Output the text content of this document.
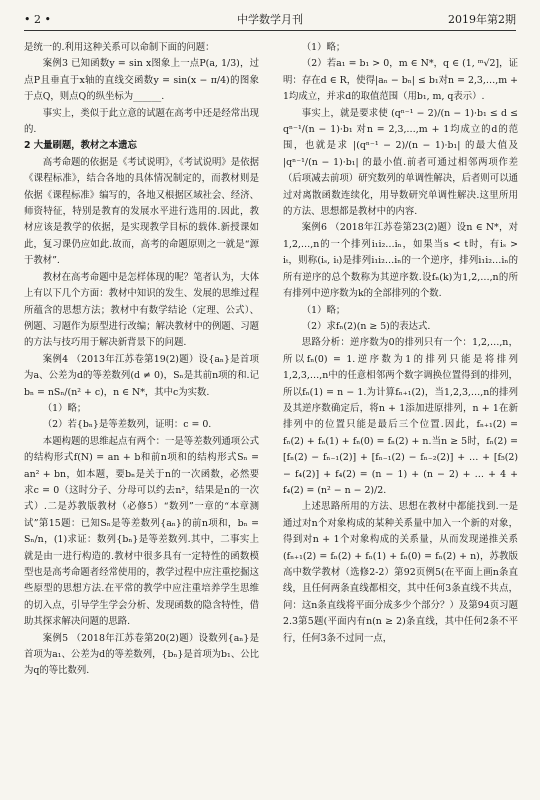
• 2 •	中学数学月刊	2019年第2期

是统一的.利用这种关系可以命制下面的问题：

案例3 已知函数y = sin x图象上一点P(a, 1/3)，过点P且垂直于x轴的直线交函数y = sin(x − π/4)的图象于点Q，则点Q的纵坐标为______.

事实上，类似于此立意的试题在高考中还是经常出现的.

2 大量刷题，教材之本遗忘

高考命题的依据是《考试说明》，《考试说明》是依据《课程标准》，结合各地的具体情况制定的，而教材则是依据《课程标准》编写的，各地又根据区域社会、经济、师资特征，特别是教育的发展水平进行选用的.因此，教材应该是教学的依据，是实现教学目标的载体.新授课如此，复习课仍应如此.故而，高考的命题原则之一就是“源于教材”.

教材在高考命题中是怎样体现的呢？笔者认为，大体上有以下几个方面：教材中知识的发生、发展的思维过程所蕴含的思想方法；教材中有数学结论（定理、公式）、例题、习题作为原型进行改编；解决教材中的例题、习题的方法与技巧用于解决新背景下的问题.

案例4 （2013年江苏卷第19(2)题）设{aₙ}是首项为a、公差为d的等差数列(d ≠ 0)，Sₙ是其前n项的和.记bₙ = nSₙ/(n² + c)，n ∈ N*，其中c为实数.

（1）略；

（2）若{bₙ}是等差数列，证明：c = 0.

本题构题的思维起点有两个：一是等差数列通项公式的结构形式f(N) = an + b和前n项和的结构形式Sₙ = an² + bn，如本题，要bₙ是关于n的一次函数，必然要求c = 0（这时分子、分母可以约去n²，结果是n的一次式）.二是苏教版教材（必修5）“数列”一章的“本章测试”第15题：已知Sₙ是等差数列{aₙ}的前n项和，bₙ = Sₙ/n，(1)求证：数列{bₙ}是等差数列.其中，二事实上就是由一进行构造的.教材中很多具有一定特性的函数模型也是高考命题者经常使用的，教学过程中应注重挖掘这些原型的思想方法.在平常的教学中应注重培养学生思维的切入点，引导学生学会分析、发现函数的隐含特性，借助其探求解决问题的思路.

案例5 （2018年江苏卷第20(2)题）设数列{aₙ}是首项为a₁、公差为d的等差数列，{bₙ}是首项为b₁、公比为q的等比数列.

（1）略；

（2）若a₁ = b₁ > 0，m ∈ N*，q ∈ (1, ᵐ√2]，证明：存在d ∈ R，使得|aₙ − bₙ| ≤ b₁对n = 2,3,…,m + 1均成立，并求d的取值范围（用b₁, m, q表示）.

事实上，就是要求使 (qⁿ⁻¹ − 2)/(n − 1)·b₁ ≤ d ≤ qⁿ⁻¹/(n − 1)·b₁ 对n = 2,3,…,m + 1均成立的d的范围，也就是求 |(qⁿ⁻¹ − 2)/(n − 1)·b₁| 的最大值及 |qⁿ⁻¹/(n − 1)·b₁| 的最小值.前者可通过相邻两项作差（后项减去前项）研究数列的单调性解决，后者则可以通过对离散函数连续化，用导数研究单调性解决.这里所用的方法、思想都是教材中的内容.

案例6 （2018年江苏卷第23(2)题）设n ∈ N*，对1,2,…,n的一个排列i₁i₂…iₙ，如果当s < t时，有iₛ > iₜ，则称(iₛ, iₜ)是排列i₁i₂…iₙ的一个逆序，排列i₁i₂…iₙ的所有逆序的总个数称为其逆序数.设fₙ(k)为1,2,…,n的所有排列中逆序数为k的全部排列的个数.

（1）略；

（2）求fₙ(2)(n ≥ 5)的表达式.

思路分析：逆序数为0的排列只有一个：1,2,…,n，所以fₙ(0) = 1.逆序数为1的排列只能是将排列1,2,3,…,n中的任意相邻两个数字调换位置得到的排列，所以fₙ(1) = n − 1.为计算fₙ₊₁(2)，当1,2,3,…,n的排列及其逆序数确定后，将n + 1添加进原排列，n + 1在新排列中的位置只能是最后三个位置.因此，fₙ₊₁(2) = fₙ(2) + fₙ(1) + fₙ(0) = fₙ(2) + n.当n ≥ 5时，fₙ(2) = [fₙ(2) − fₙ₋₁(2)] + [fₙ₋₁(2) − fₙ₋₂(2)] + … + [f₅(2) − f₄(2)] + f₄(2) = (n − 1) + (n − 2) + … + 4 + f₄(2) = (n² − n − 2)/2.

上述思路所用的方法、思想在教材中都能找到.一是通过对n个对象构成的某种关系量中加入一个新的对象，得到对n + 1个对象构成的关系量，从而发现递推关系(fₙ₊₁(2) = fₙ(2) + fₙ(1) + fₙ(0) = fₙ(2) + n)，苏教版高中数学教材（选修2-2）第92页例5(在平面上画n条直线，且任何两条直线都相交，其中任何3条直线不共点，问：这n条直线将平面分成多少个部分？）及第94页习题2.3第5题(平面内有n(n ≥ 2)条直线，其中任何2条不平行，任何3条不过同一点，
